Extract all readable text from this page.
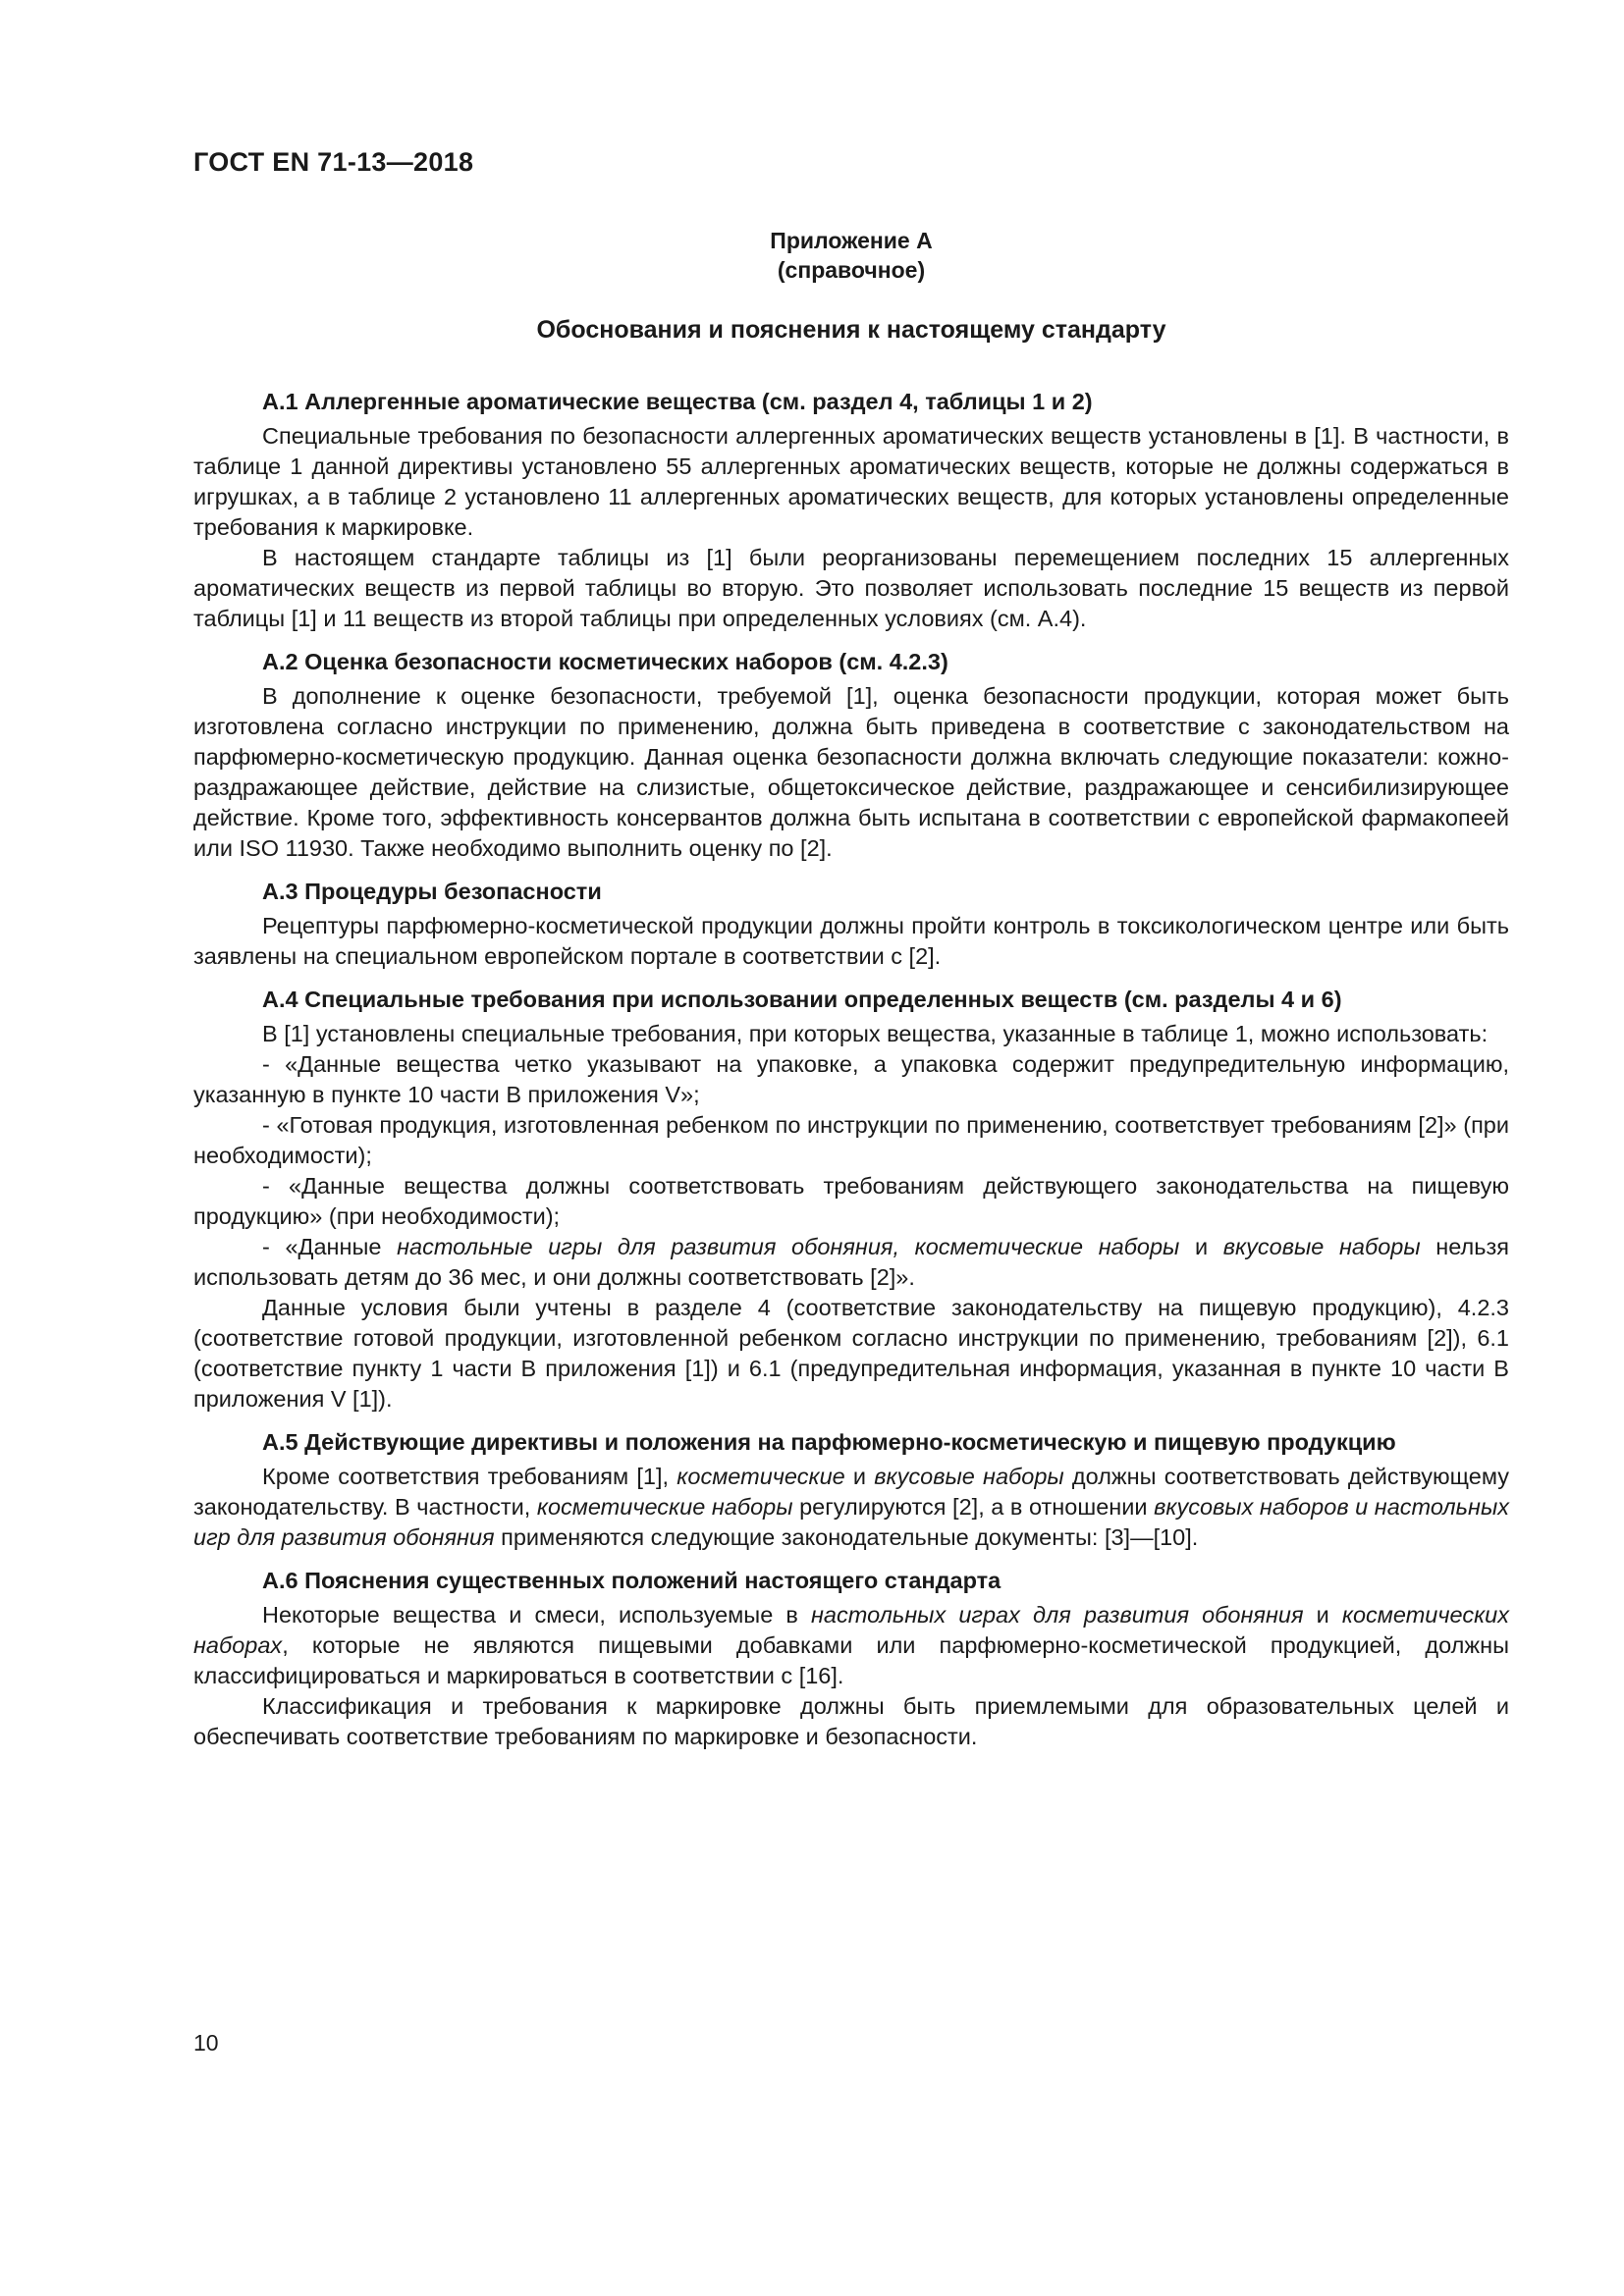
ГОСТ EN 71-13—2018
Приложение А
(справочное)
Обоснования и пояснения к настоящему стандарту

А.1 Аллергенные ароматические вещества (см. раздел 4, таблицы 1 и 2)

Специальные требования по безопасности аллергенных ароматических веществ установлены в [1]. В частности, в таблице 1 данной директивы установлено 55 аллергенных ароматических веществ, которые не должны содержаться в игрушках, а в таблице 2 установлено 11 аллергенных ароматических веществ, для которых установлены определенные требования к маркировке.

В настоящем стандарте таблицы из [1] были реорганизованы перемещением последних 15 аллергенных ароматических веществ из первой таблицы во вторую. Это позволяет использовать последние 15 веществ из первой таблицы [1] и 11 веществ из второй таблицы при определенных условиях (см. А.4).

А.2 Оценка безопасности косметических наборов (см. 4.2.3)

В дополнение к оценке безопасности, требуемой [1], оценка безопасности продукции, которая может быть изготовлена согласно инструкции по применению, должна быть приведена в соответствие с законодательством на парфюмерно-косметическую продукцию. Данная оценка безопасности должна включать следующие показатели: кожно-раздражающее действие, действие на слизистые, общетоксическое действие, раздражающее и сенсибилизирующее действие. Кроме того, эффективность консервантов должна быть испытана в соответствии с европейской фармакопеей или ISO 11930. Также необходимо выполнить оценку по [2].

А.3 Процедуры безопасности

Рецептуры парфюмерно-косметической продукции должны пройти контроль в токсикологическом центре или быть заявлены на специальном европейском портале в соответствии с [2].

А.4 Специальные требования при использовании определенных веществ (см. разделы 4 и 6)

В [1] установлены специальные требования, при которых вещества, указанные в таблице 1, можно использовать:

- «Данные вещества четко указывают на упаковке, а упаковка содержит предупредительную информацию, указанную в пункте 10 части В приложения V»;

- «Готовая продукция, изготовленная ребенком по инструкции по применению, соответствует требованиям [2]» (при необходимости);

- «Данные вещества должны соответствовать требованиям действующего законодательства на пищевую продукцию» (при необходимости);

- «Данные настольные игры для развития обоняния, косметические наборы и вкусовые наборы нельзя использовать детям до 36 мес, и они должны соответствовать [2]».

Данные условия были учтены в разделе 4 (соответствие законодательству на пищевую продукцию), 4.2.3 (соответствие готовой продукции, изготовленной ребенком согласно инструкции по применению, требованиям [2]), 6.1 (соответствие пункту 1 части В приложения [1]) и 6.1 (предупредительная информация, указанная в пункте 10 части В приложения V [1]).

А.5 Действующие директивы и положения на парфюмерно-косметическую и пищевую продукцию

Кроме соответствия требованиям [1], косметические и вкусовые наборы должны соответствовать действующему законодательству. В частности, косметические наборы регулируются [2], а в отношении вкусовых наборов и настольных игр для развития обоняния применяются следующие законодательные документы: [3]—[10].

А.6 Пояснения существенных положений настоящего стандарта

Некоторые вещества и смеси, используемые в настольных играх для развития обоняния и косметических наборах, которые не являются пищевыми добавками или парфюмерно-косметической продукцией, должны классифицироваться и маркироваться в соответствии с [16].

Классификация и требования к маркировке должны быть приемлемыми для образовательных целей и обеспечивать соответствие требованиям по маркировке и безопасности.

10
